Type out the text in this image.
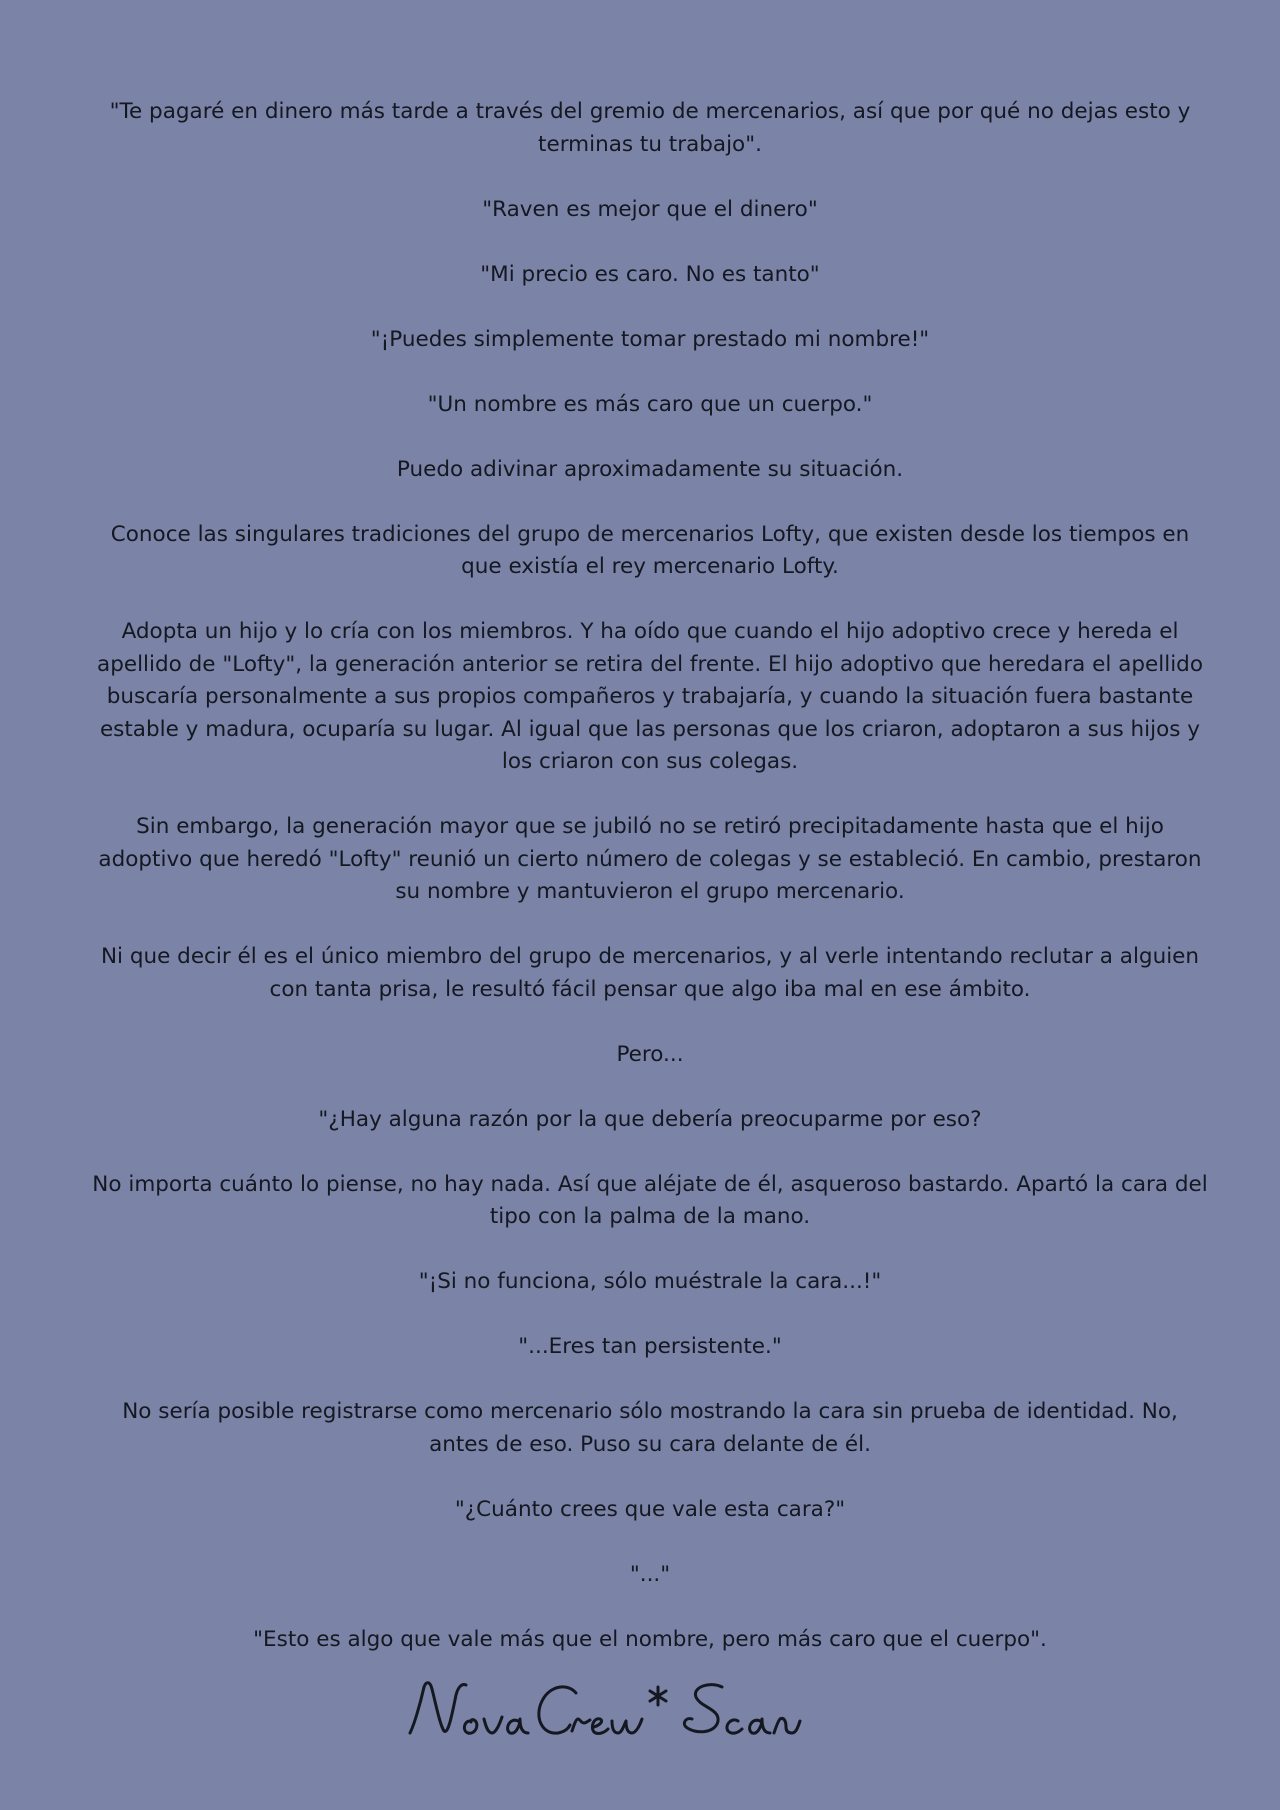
"Te pagaré en dinero más tarde a través del gremio de mercenarios, así que por qué no dejas esto y terminas tu trabajo".

"Raven es mejor que el dinero"

"Mi precio es caro. No es tanto"

"¡Puedes simplemente tomar prestado mi nombre!"

"Un nombre es más caro que un cuerpo."

Puedo adivinar aproximadamente su situación.

Conoce las singulares tradiciones del grupo de mercenarios Lofty, que existen desde los tiempos en que existía el rey mercenario Lofty.

Adopta un hijo y lo cría con los miembros. Y ha oído que cuando el hijo adoptivo crece y hereda el apellido de "Lofty", la generación anterior se retira del frente. El hijo adoptivo que heredara el apellido buscaría personalmente a sus propios compañeros y trabajaría, y cuando la situación fuera bastante estable y madura, ocuparía su lugar. Al igual que las personas que los criaron, adoptaron a sus hijos y los criaron con sus colegas.

Sin embargo, la generación mayor que se jubiló no se retiró precipitadamente hasta que el hijo adoptivo que heredó "Lofty" reunió un cierto número de colegas y se estableció. En cambio, prestaron su nombre y mantuvieron el grupo mercenario.

Ni que decir él es el único miembro del grupo de mercenarios, y al verle intentando reclutar a alguien con tanta prisa, le resultó fácil pensar que algo iba mal en ese ámbito.

Pero...

"¿Hay alguna razón por la que debería preocuparme por eso?

No importa cuánto lo piense, no hay nada. Así que aléjate de él, asqueroso bastardo. Apartó la cara del tipo con la palma de la mano.

"¡Si no funciona, sólo muéstrale la cara...!"

"...Eres tan persistente."

No sería posible registrarse como mercenario sólo mostrando la cara sin prueba de identidad. No, antes de eso. Puso su cara delante de él.

"¿Cuánto crees que vale esta cara?"

"..."

"Esto es algo que vale más que el nombre, pero más caro que el cuerpo".
